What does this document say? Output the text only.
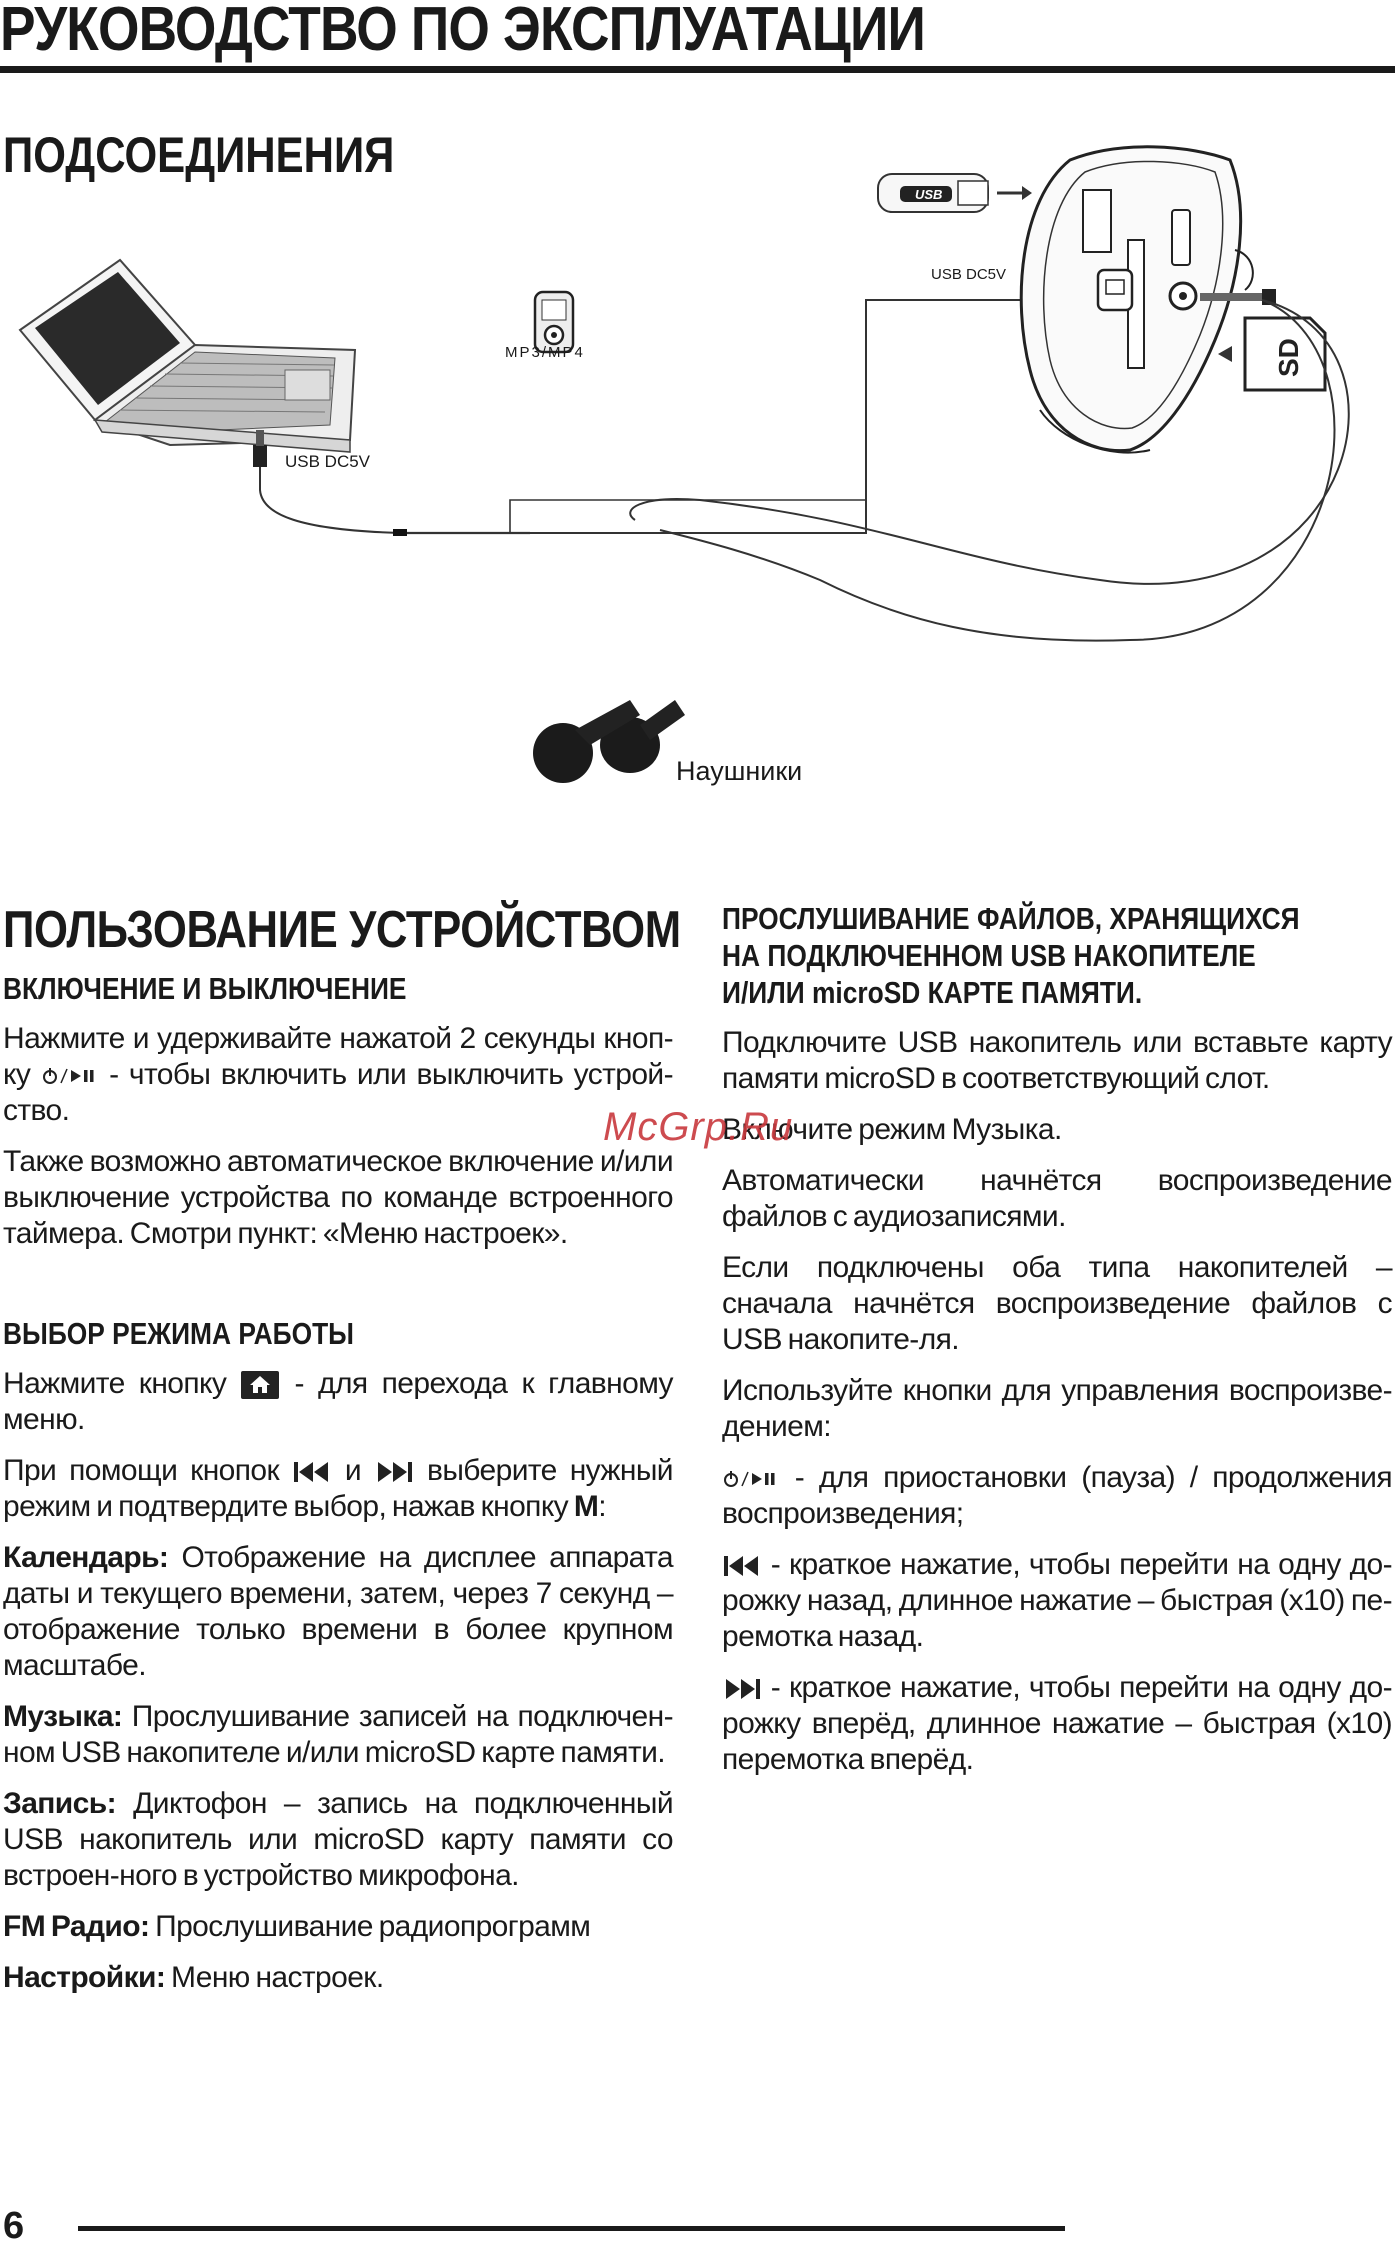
РУКОВОДСТВО ПО ЭКСПЛУАТАЦИИ
ПОДСОЕДИНЕНИЯ
USB DC5V
MP3/MP4
USB DC5V
USB
SD
Наушники
ПОЛЬЗОВАНИЕ УСТРОЙСТВОМ
ВКЛЮЧЕНИЕ И ВЫКЛЮЧЕНИЕ

Нажмите и удерживайте нажатой 2 секунды кноп-ку	- чтобы включить или выключить устрой-ство.

Также возможно автоматическое включение и/или выключение устройства по команде встроенного таймера. Смотри пункт: «Меню настроек».

ВЫБОР РЕЖИМА РАБОТЫ

Нажмите кнопку - для перехода к главному меню.

При помощи кнопок и выберите нужный режим и подтвердите выбор, нажав кнопку M:

Календарь: Отображение на дисплее аппарата даты и текущего времени, затем, через 7 секунд – отображение только времени в более крупном масштабе.

Музыка: Прослушивание записей на подключен-ном USB накопителе и/или microSD карте памяти.

Запись: Диктофон – запись на подключенный USB накопитель или microSD карту памяти со встроен-ного в устройство микрофона.

FM Радио: Прослушивание радиопрограмм

Настройки: Меню настроек.

ПРОСЛУШИВАНИЕ ФАЙЛОВ, ХРАНЯЩИХСЯ
НА ПОДКЛЮЧЕННОМ USB НАКОПИТЕЛЕ
И/ИЛИ microSD КАРТЕ ПАМЯТИ.

Подключите USB накопитель или вставьте карту памяти microSD в соответствующий слот.

Включите режим Музыка.

Автоматически начнётся воспроизведение файлов с аудиозаписями.

Если подключены оба типа накопителей – сначала начнётся воспроизведение файлов с USB накопите-ля.

Используйте кнопки для управления воспроизве-дением:

- для приостановки (пауза) / продолжения воспроизведения;

- краткое нажатие, чтобы перейти на одну до-рожку назад, длинное нажатие – быстрая (х10) пе-ремотка назад.

- краткое нажатие, чтобы перейти на одну до-рожку вперёд, длинное нажатие – быстрая (х10) перемотка вперёд.

McGrp.Ru
6
